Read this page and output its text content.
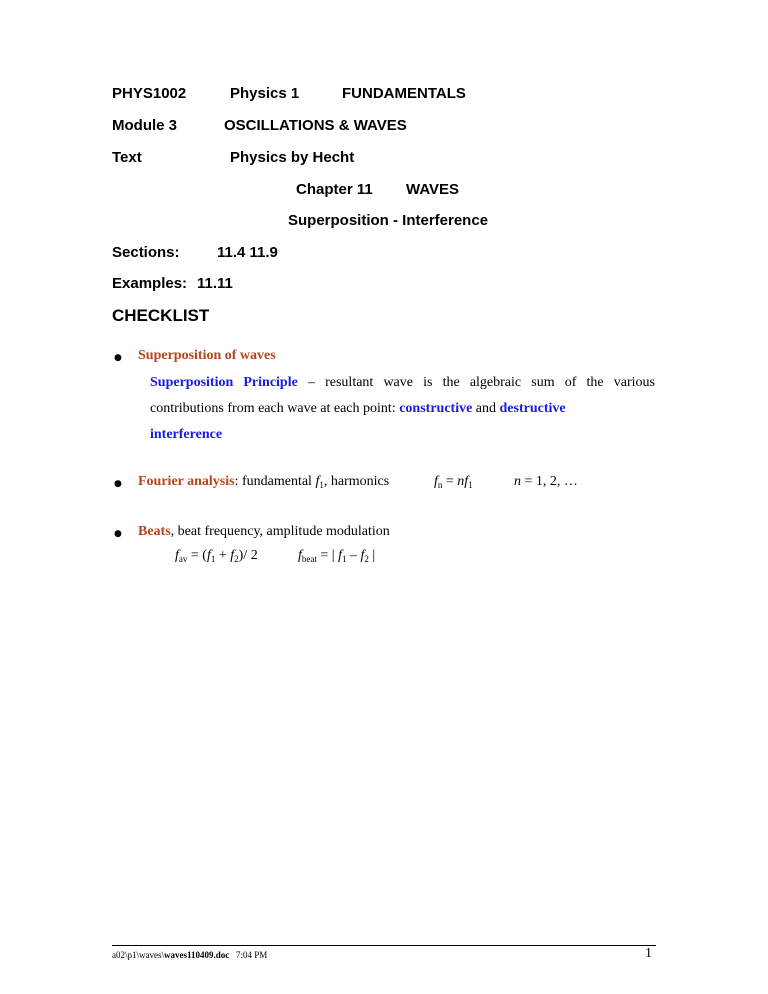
PHYS1002	Physics 1	FUNDAMENTALS
Module 3	OSCILLATIONS & WAVES
Text	Physics by Hecht
Chapter 11 WAVES
Superposition - Interference
Sections: 11.4 11.9
Examples: 11.11
CHECKLIST
● Superposition of waves
Superposition Principle – resultant wave is the algebraic sum of the various contributions from each wave at each point: constructive and destructive
interference
● Fourier analysis: fundamental $f_1$, harmonics	$f_n = nf_1$	n = 1, 2, …
● Beats, beat frequency, amplitude modulation
$f_{av} = (f_1 + f_2)/$ 2	$f_{beat}$ = | $f_1 - f_2$ |
a02\p1\waves\waves110409.doc 7:04 PM	1
